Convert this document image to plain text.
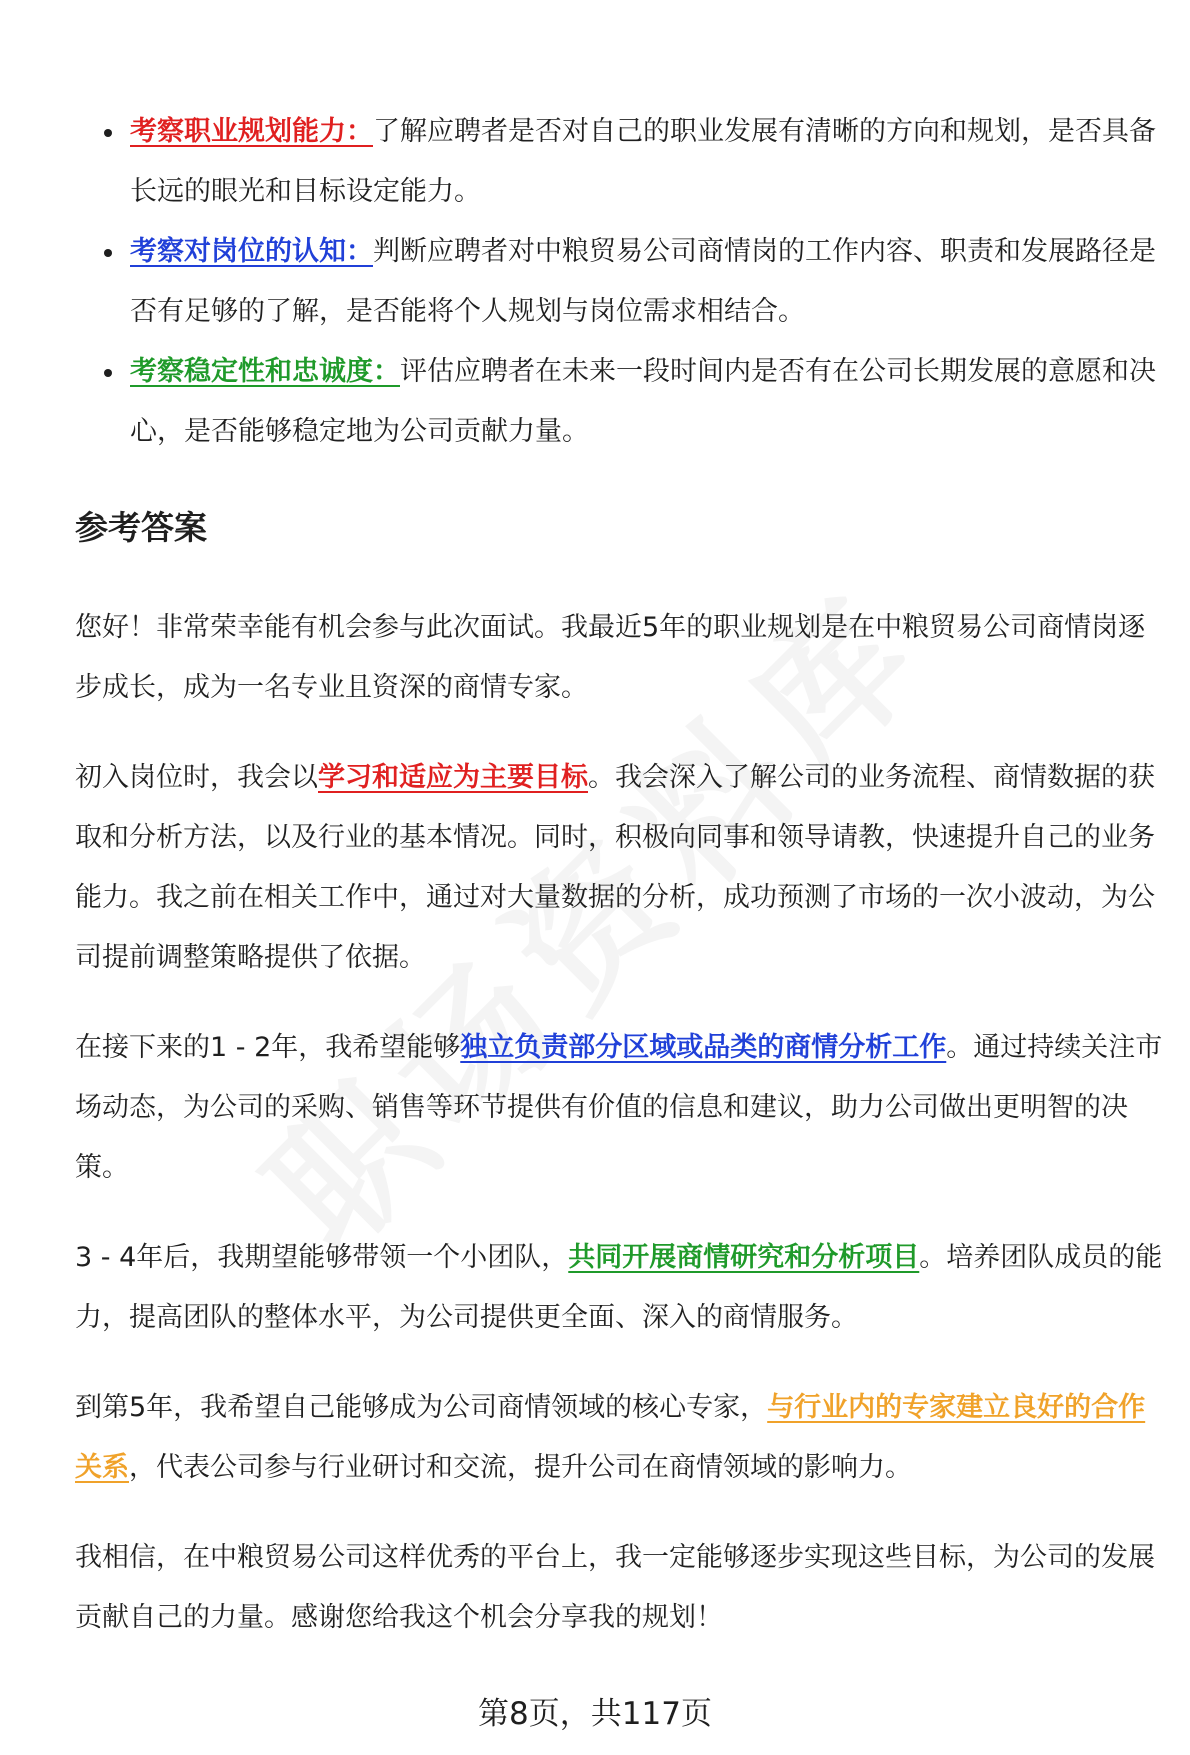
考察职业规划能力：了解应聘者是否对自己的职业发展有清晰的方向和规划，是否具备长远的眼光和目标设定能力。
考察对岗位的认知：判断应聘者对中粮贸易公司商情岗的工作内容、职责和发展路径是否有足够的了解，是否能将个人规划与岗位需求相结合。
考察稳定性和忠诚度：评估应聘者在未来一段时间内是否有在公司长期发展的意愿和决心，是否能够稳定地为公司贡献力量。
参考答案

您好！非常荣幸能有机会参与此次面试。我最近5年的职业规划是在中粮贸易公司商情岗逐步成长，成为一名专业且资深的商情专家。

初入岗位时，我会以学习和适应为主要目标。我会深入了解公司的业务流程、商情数据的获取和分析方法，以及行业的基本情况。同时，积极向同事和领导请教，快速提升自己的业务能力。我之前在相关工作中，通过对大量数据的分析，成功预测了市场的一次小波动，为公司提前调整策略提供了依据。

在接下来的1 - 2年，我希望能够独立负责部分区域或品类的商情分析工作。通过持续关注市场动态，为公司的采购、销售等环节提供有价值的信息和建议，助力公司做出更明智的决策。

3 - 4年后，我期望能够带领一个小团队，共同开展商情研究和分析项目。培养团队成员的能力，提高团队的整体水平，为公司提供更全面、深入的商情服务。

到第5年，我希望自己能够成为公司商情领域的核心专家，与行业内的专家建立良好的合作关系，代表公司参与行业研讨和交流，提升公司在商情领域的影响力。

我相信，在中粮贸易公司这样优秀的平台上，我一定能够逐步实现这些目标，为公司的发展贡献自己的力量。感谢您给我这个机会分享我的规划！

第8页，共117页
